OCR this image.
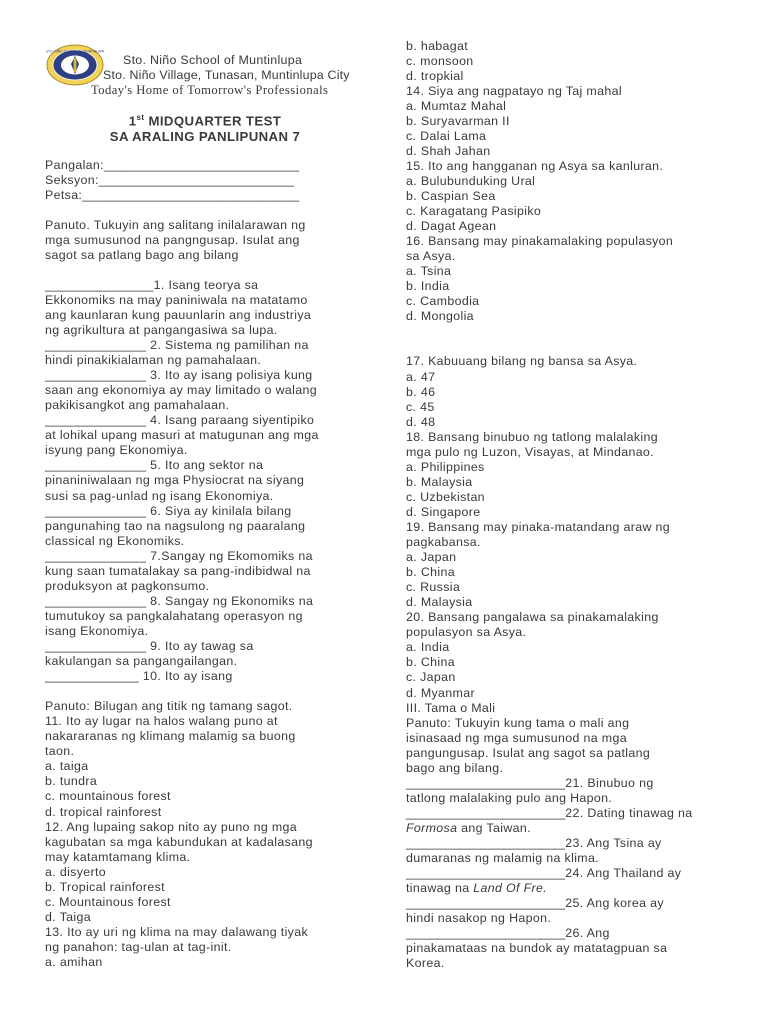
STO. NIÑO SCHOOL OF MUNTINLUPA
Sto. Niño School of Muntinlupa
Sto. Niño Village, Tunasan, Muntinlupa City
Today's Home of Tomorrow's Professionals
1st MIDQUARTER TEST
SA ARALING PANLIPUNAN 7
Pangalan:___________________________
Seksyon:___________________________
Petsa:______________________________
Panuto. Tukuyin ang salitang inilalarawan ng
mga sumusunod na pangngusap. Isulat ang
sagot sa patlang bago ang bilang
_______________1. Isang teorya sa
Ekkonomiks na may paniniwala na matatamo
ang kaunlaran kung pauunlarin ang industriya
ng agrikultura at pangangasiwa sa lupa.
______________ 2. Sistema ng pamilihan na
hindi pinakikialaman ng pamahalaan.
______________ 3. Ito ay isang polisiya kung
saan ang ekonomiya ay may limitado o walang
pakikisangkot ang pamahalaan.
______________ 4. Isang paraang siyentipiko
at lohikal upang masuri at matugunan ang mga
isyung pang Ekonomiya.
______________ 5. Ito ang sektor na
pinaniniwalaan ng mga Physiocrat na siyang
susi sa pag-unlad ng isang Ekonomiya.
______________ 6. Siya ay kinilala bilang
pangunahing tao na nagsulong ng paaralang
classical ng Ekonomiks.
______________ 7.Sangay ng Ekomomiks na
kung saan tumatalakay sa pang-indibidwal na
produksyon at pagkonsumo.
______________ 8. Sangay ng Ekonomiks na
tumutukoy sa pangkalahatang operasyon ng
isang Ekonomiya.
______________ 9. Ito ay tawag sa
kakulangan sa pangangailangan.
_____________ 10. Ito ay isang
Panuto: Bilugan ang titik ng tamang sagot.
11. Ito ay lugar na halos walang puno at
nakararanas ng klimang malamig sa buong
taon.
a. taiga
b. tundra
c. mountainous forest
d. tropical rainforest
12. Ang lupaing sakop nito ay puno ng mga
kagubatan sa mga kabundukan at kadalasang
may katamtamang klima.
a. disyerto
b. Tropical rainforest
c. Mountainous forest
d. Taiga
13. Ito ay uri ng klima na may dalawang tiyak
ng panahon: tag-ulan at tag-init.
a. amihan
b. habagat
c. monsoon
d. tropkial
14. Siya ang nagpatayo ng Taj mahal
a. Mumtaz Mahal
b. Suryavarman II
c. Dalai Lama
d. Shah Jahan
15. Ito ang hangganan ng Asya sa kanluran.
a. Bulubunduking Ural
b. Caspian Sea
c. Karagatang Pasipiko
d. Dagat Agean
16. Bansang may pinakamalaking populasyon
sa Asya.
a. Tsina
b. India
c. Cambodia
d. Mongolia
17. Kabuuang bilang ng bansa sa Asya.
a. 47
b. 46
c. 45
d. 48
18. Bansang binubuo ng tatlong malalaking
mga pulo ng Luzon, Visayas, at Mindanao.
a. Philippines
b. Malaysia
c. Uzbekistan
d. Singapore
19. Bansang may pinaka-matandang araw ng
pagkabansa.
a. Japan
b. China
c. Russia
d. Malaysia
20. Bansang pangalawa sa pinakamalaking
populasyon sa Asya.
a. India
b. China
c. Japan
d. Myanmar
III. Tama o Mali
Panuto: Tukuyin kung tama o mali ang
isinasaad ng mga sumusunod na mga
pangungusap. Isulat ang sagot sa patlang
bago ang bilang.
______________________21. Binubuo ng
tatlong malalaking pulo ang Hapon.
______________________22. Dating tinawag na
Formosa ang Taiwan.
______________________23. Ang Tsina ay
dumaranas ng malamig na klima.
______________________24. Ang Thailand ay
tinawag na Land Of Fre.
______________________25. Ang korea ay
hindi nasakop ng Hapon.
______________________26. Ang
pinakamataas na bundok ay matatagpuan sa
Korea.
